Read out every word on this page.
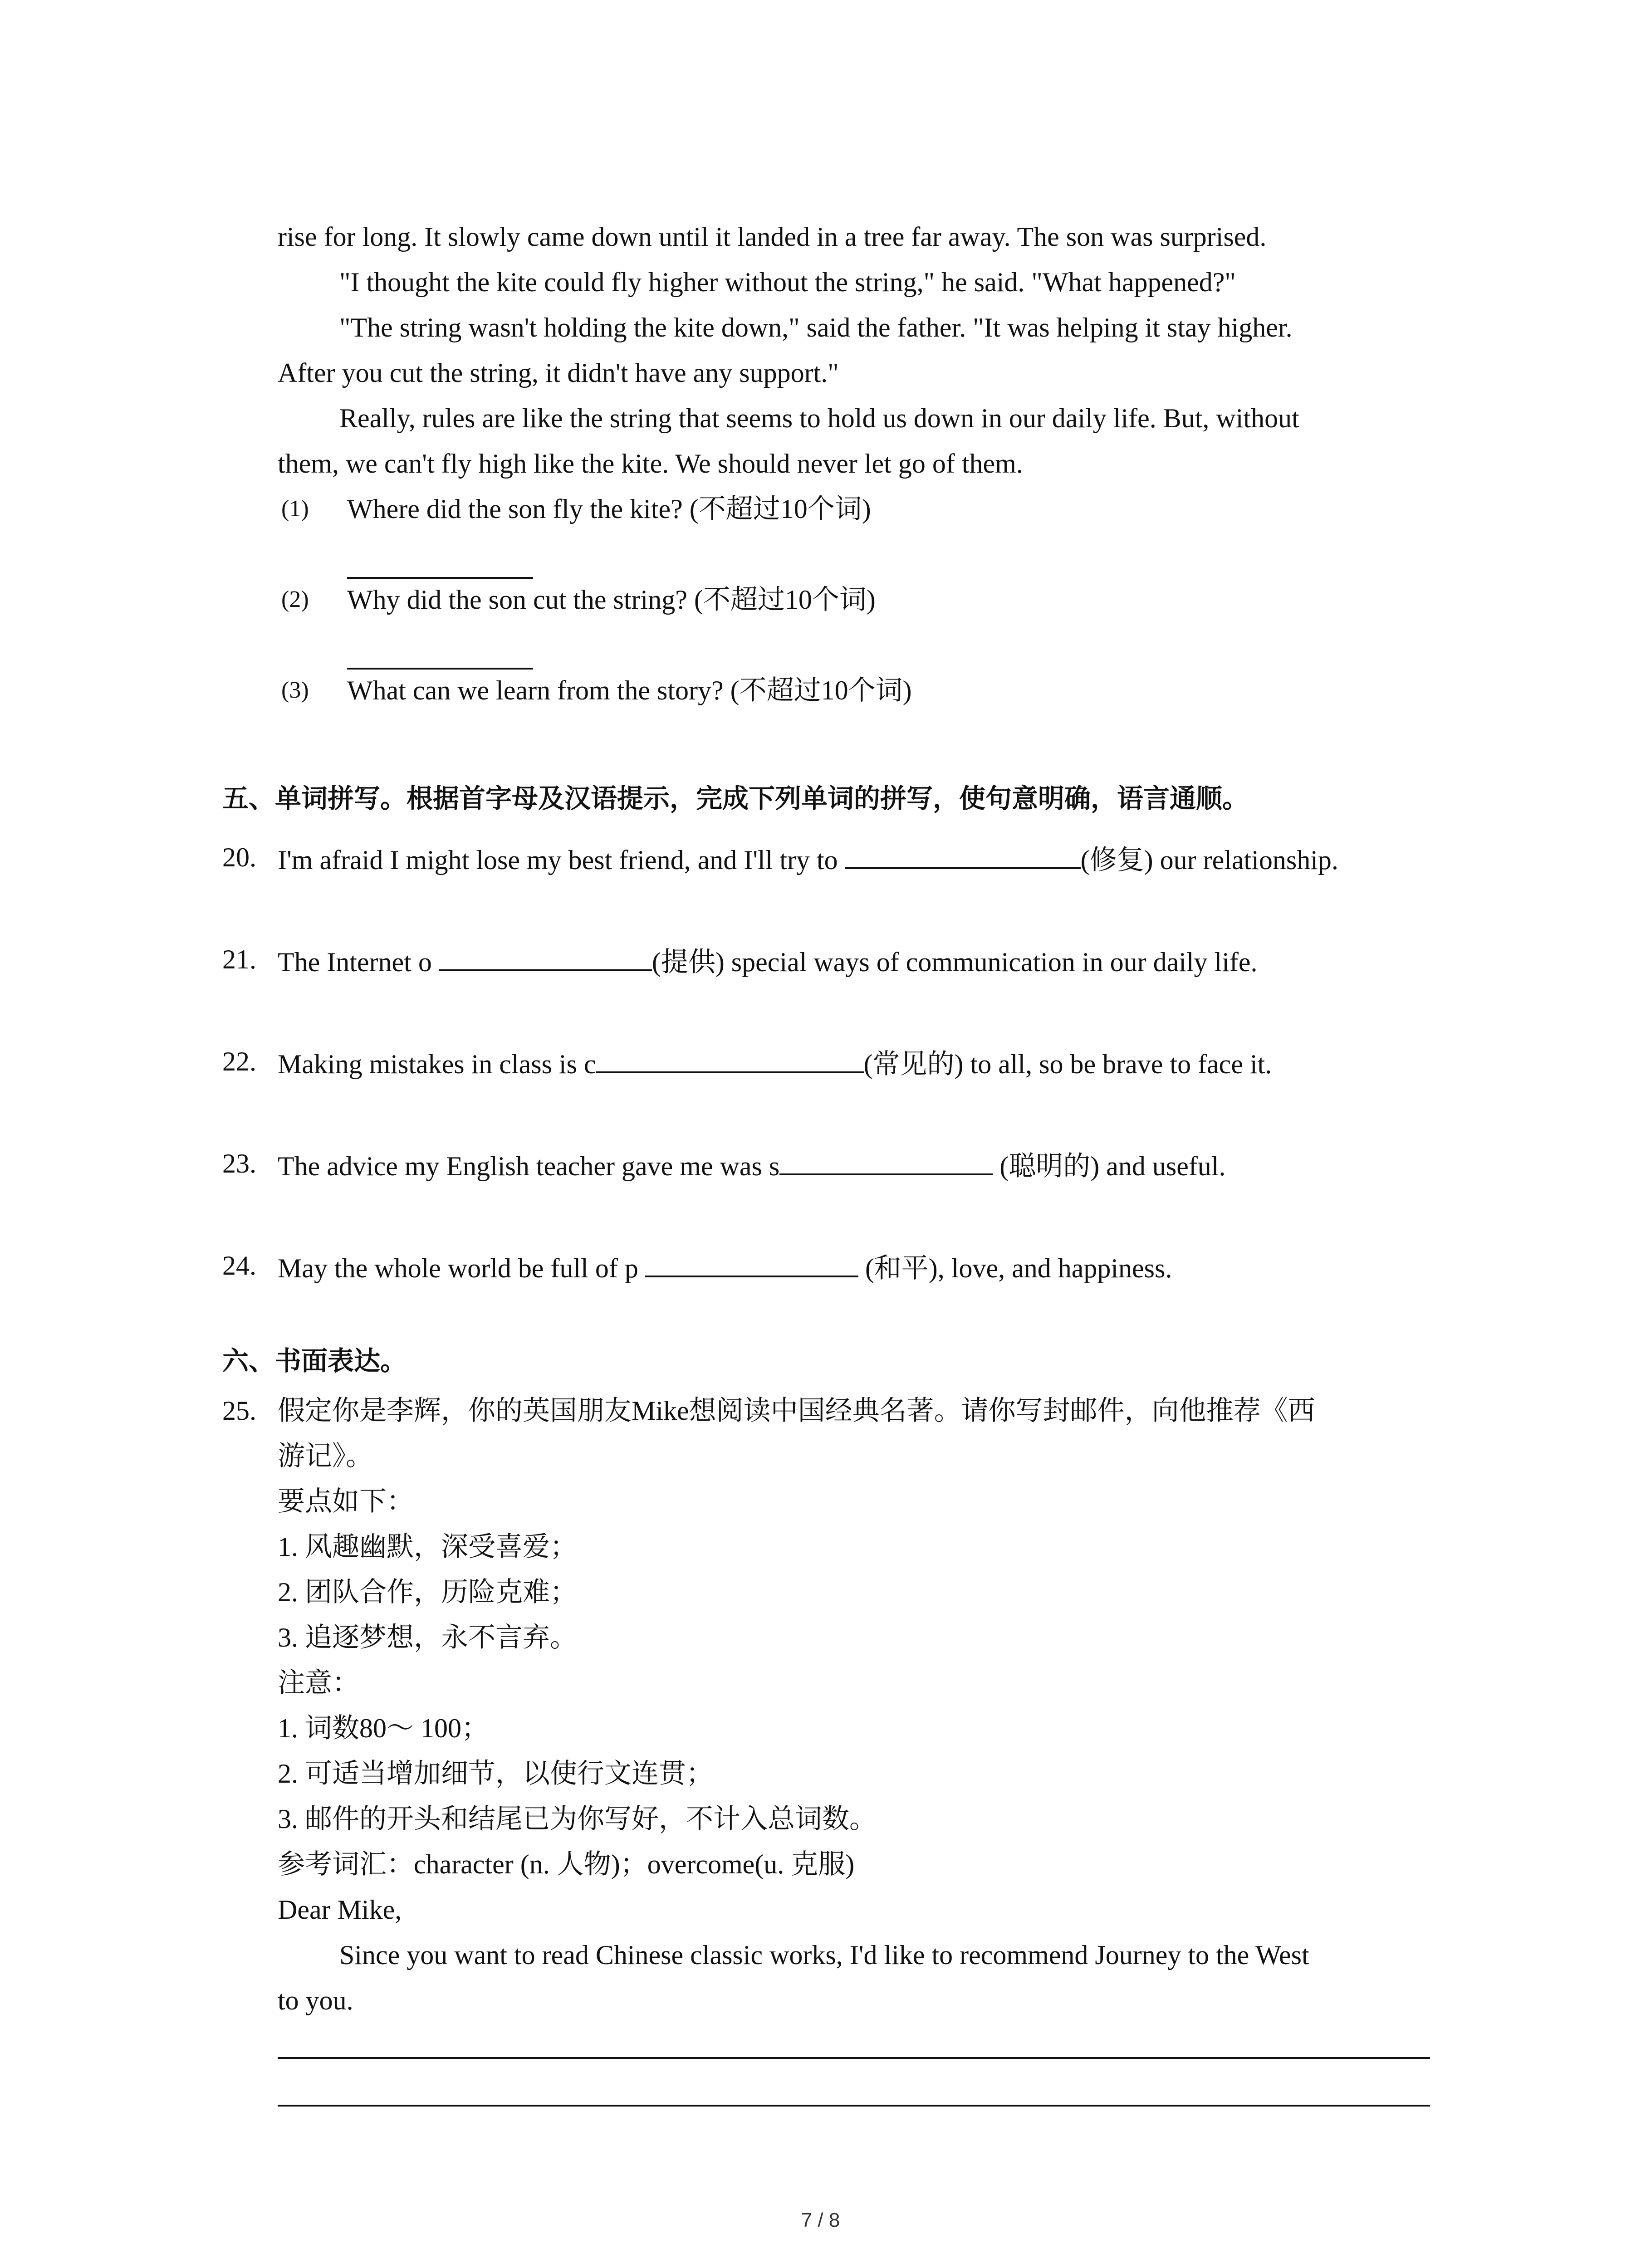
rise for long. It slowly came down until it landed in a tree far away. The son was surprised.
"I thought the kite could fly higher without the string," he said. "What happened?"
"The string wasn't holding the kite down," said the father. "It was helping it stay higher.
After you cut the string, it didn't have any support."
Really, rules are like the string that seems to hold us down in our daily life. But, without
them, we can't fly high like the kite. We should never let go of them.
(1) Where did the son fly the kite? (不超过10个词)
(2) Why did the son cut the string? (不超过10个词)
(3) What can we learn from the story? (不超过10个词)
五、单词拼写。根据首字母及汉语提示，完成下列单词的拼写，使句意明确，语言通顺。
20. I'm afraid I might lose my best friend, and I'll try to	(修复) our relationship.
21. The Internet o	(提供) special ways of communication in our daily life.
22. Making mistakes in class is c	(常见的) to all, so be brave to face it.
23. The advice my English teacher gave me was s	(聪明的) and useful.
24. May the whole world be full of p	(和平), love, and happiness.
六、书面表达。
25. 假定你是李辉，你的英国朋友Mike想阅读中国经典名著。请你写封邮件，向他推荐《西
游记》。
要点如下：
1. 风趣幽默，深受喜爱；
2. 团队合作，历险克难；
3. 追逐梦想，永不言弃。
注意：
1. 词数80～ 100；
2. 可适当增加细节，以使行文连贯；
3. 邮件的开头和结尾已为你写好，不计入总词数。
参考词汇：character (n. 人物)；overcome(u. 克服)
Dear Mike,
Since you want to read Chinese classic works, I'd like to recommend Journey to the West
to you.
7 / 8
